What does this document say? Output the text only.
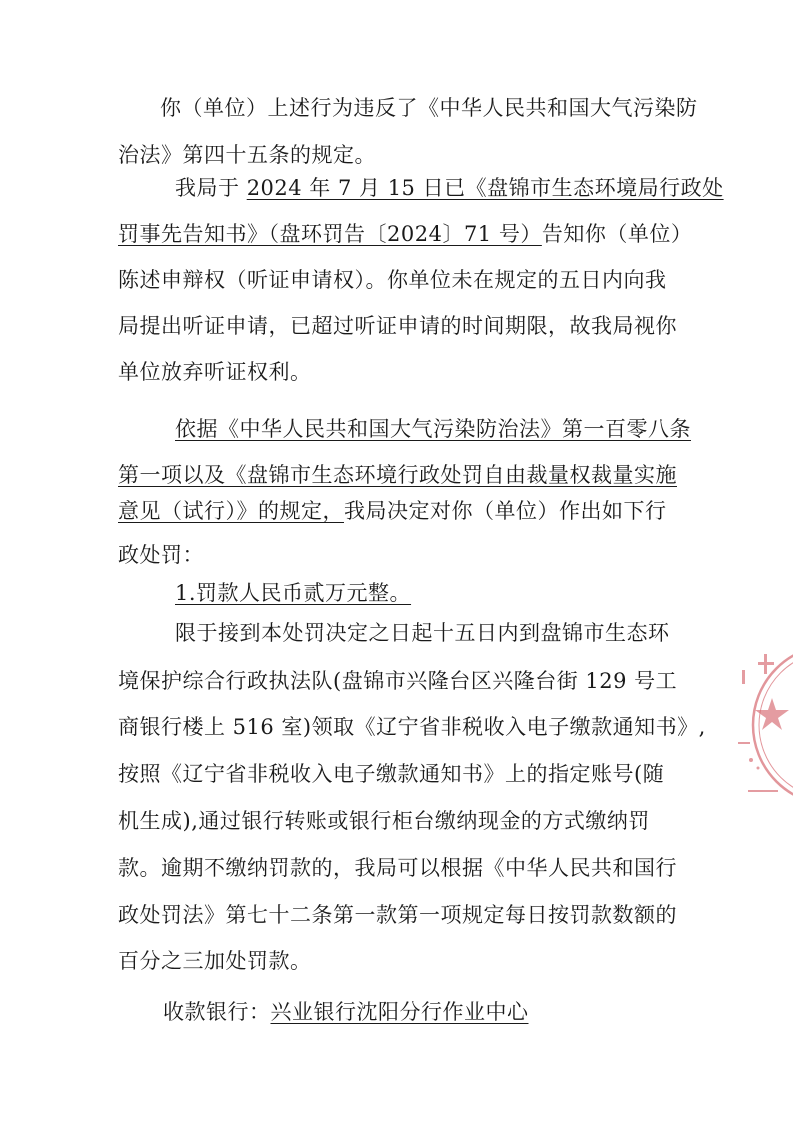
你（单位）上述行为违反了《中华人民共和国大气污染防
治法》第四十五条的规定。
我局于 2024 年 7 月 15 日已《盘锦市生态环境局行政处
罚事先告知书》（盘环罚告〔2024〕71 号）告知你（单位）
陈述申辩权（听证申请权）。你单位未在规定的五日内向我
局提出听证申请，已超过听证申请的时间期限，故我局视你
单位放弃听证权利。
依据《中华人民共和国大气污染防治法》第一百零八条
第一项以及《盘锦市生态环境行政处罚自由裁量权裁量实施
意见（试行）》的规定，我局决定对你（单位）作出如下行
政处罚：
1.罚款人民币贰万元整。
限于接到本处罚决定之日起十五日内到盘锦市生态环
境保护综合行政执法队(盘锦市兴隆台区兴隆台街 129 号工
商银行楼上 516 室)领取《辽宁省非税收入电子缴款通知书》,
按照《辽宁省非税收入电子缴款通知书》上的指定账号(随
机生成),通过银行转账或银行柜台缴纳现金的方式缴纳罚
款。逾期不缴纳罚款的，我局可以根据《中华人民共和国行
政处罚法》第七十二条第一款第一项规定每日按罚款数额的
百分之三加处罚款。
收款银行：兴业银行沈阳分行作业中心
